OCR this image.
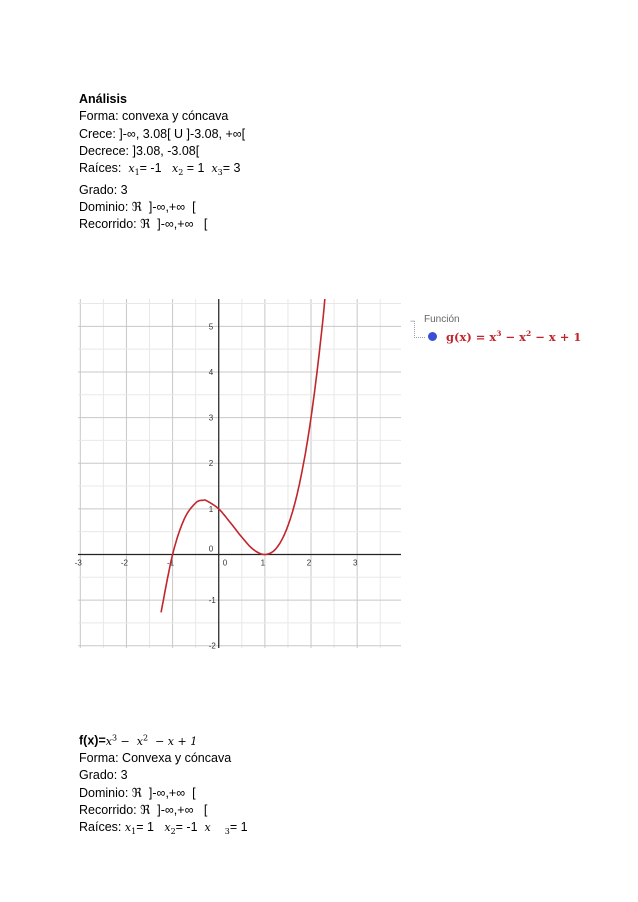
Análisis
Forma: convexa y cóncava
Crece: ]-∞, 3.08[ U ]-3.08, +∞[
Decrece: ]3.08, -3.08[
Raíces: $x_1= -1$ $x_2 = 1$ $x_3= 3$
Grado: 3
Dominio: ℜ  ]-∞,+∞  [
Recorrido: ℜ  ]-∞,+∞   [
-3	-2	-1	0	1	2	3
-2
-1
0
1
2
3
4
5
− Función
$g(x) = x^3 - x^2 - x + 1$
$f(x)=x^3 - x^2 - x + 1$
Forma: Convexa y cóncava
Grado: 3
Dominio: ℜ  ]-∞,+∞  [
Recorrido: ℜ  ]-∞,+∞   [
Raíces: $x_1= 1$ $x_2= -1$ x $_3$= 1
